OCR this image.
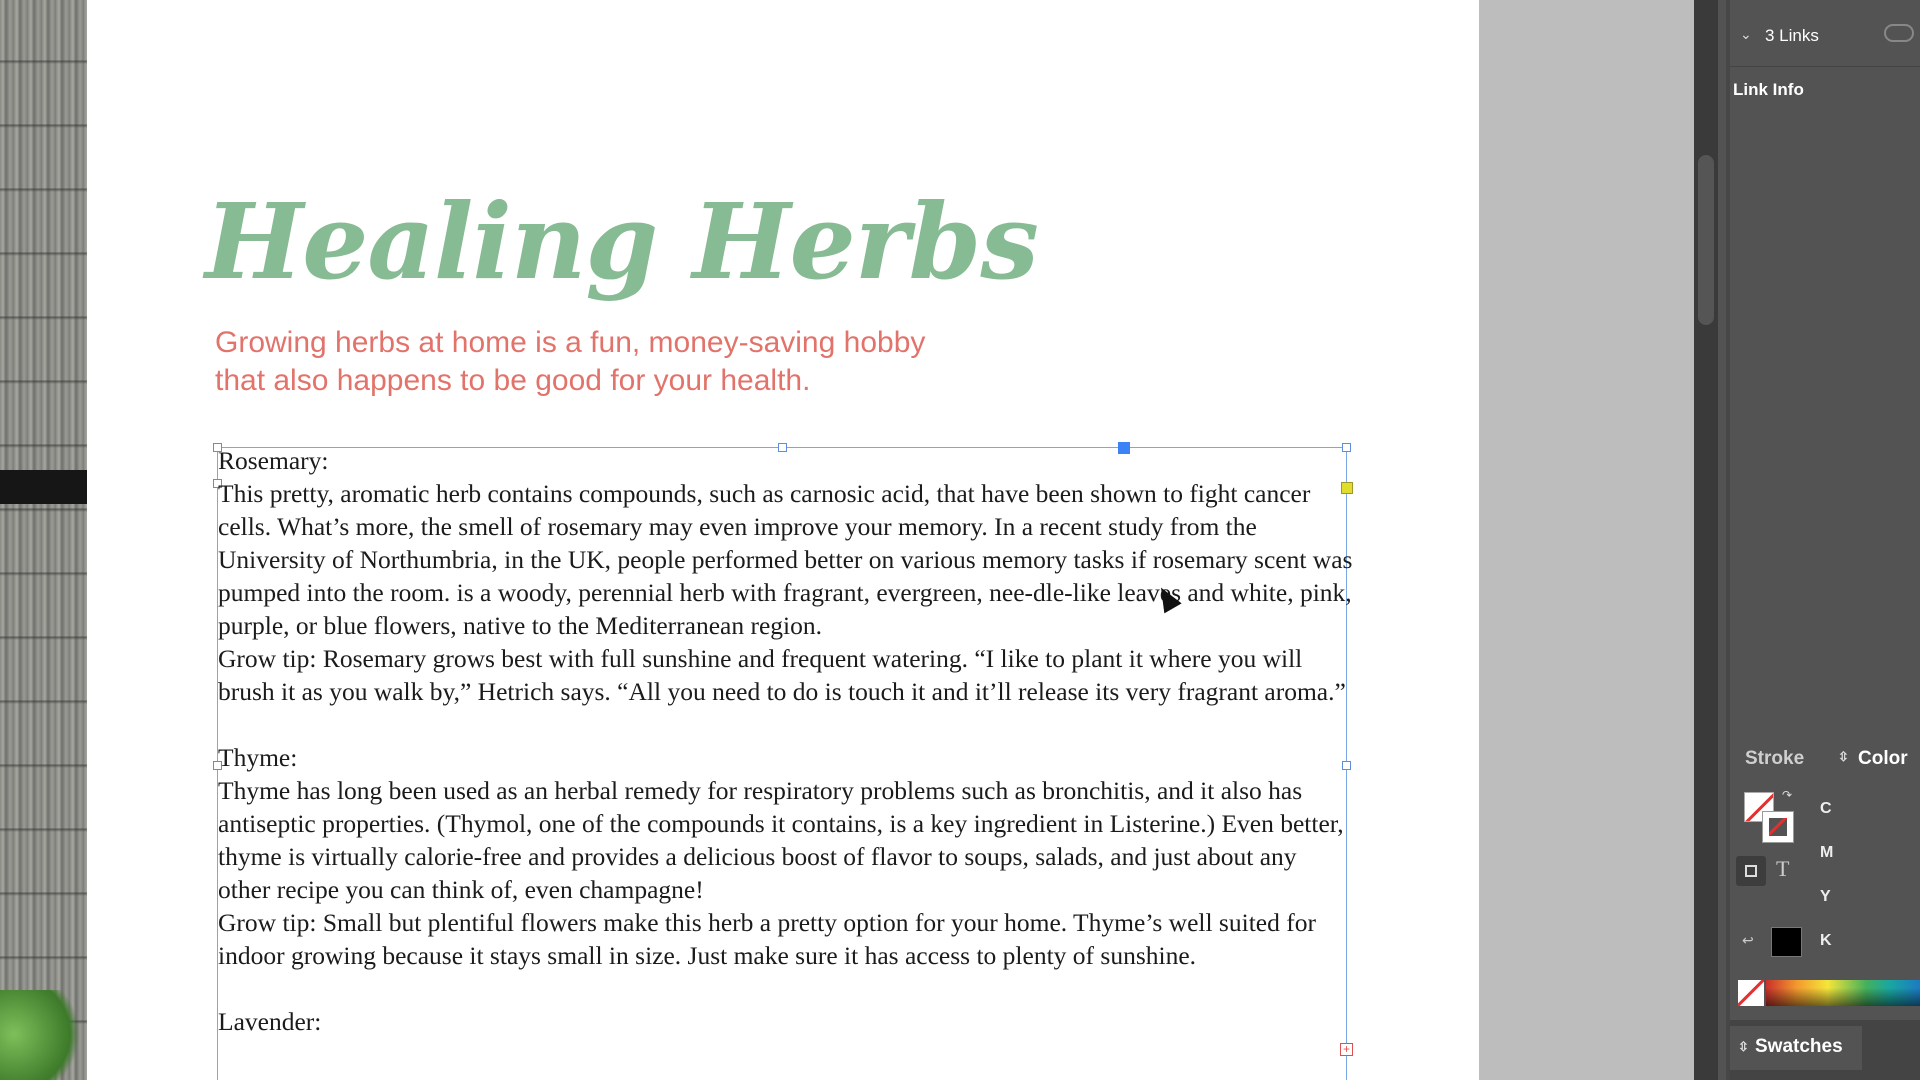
Healing Herbs
Growing herbs at home is a fun, money-saving hobby
that also happens to be good for your health.
+

Rosemary:

This pretty, aromatic herb contains compounds, such as carnosic acid, that have been shown to fight cancer cells. What’s more, the smell of rosemary may even improve your memory. In a recent study from the University of Northumbria, in the UK, people performed better on various memory tasks if rosemary scent was pumped into the room. is a woody, perennial herb with fragrant, evergreen, nee-dle-like leaves and white, pink, purple, or blue flowers, native to the Mediterranean region.

Grow tip: Rosemary grows best with full sunshine and frequent watering. “I like to plant it where you will brush it as you walk by,” Hetrich says. “All you need to do is touch it and it’ll release its very fragrant aroma.”

Thyme:

Thyme has long been used as an herbal remedy for respiratory problems such as bronchitis, and it also has antiseptic properties. (Thymol, one of the compounds it contains, is a key ingredient in Listerine.) Even better, thyme is virtually calorie-free and provides a delicious boost of flavor to soups, salads, and just about any other recipe you can think of, even champagne!

Grow tip: Small but plentiful flowers make this herb a pretty option for your home. Thyme’s well suited for indoor growing because it stays small in size. Just make sure it has access to plenty of sunshine.

Lavender:

⌄ 3 Links
Link Info
Stroke	⇳ Color
↷
T
↩
C
M
Y
K
⇳ Swatches
